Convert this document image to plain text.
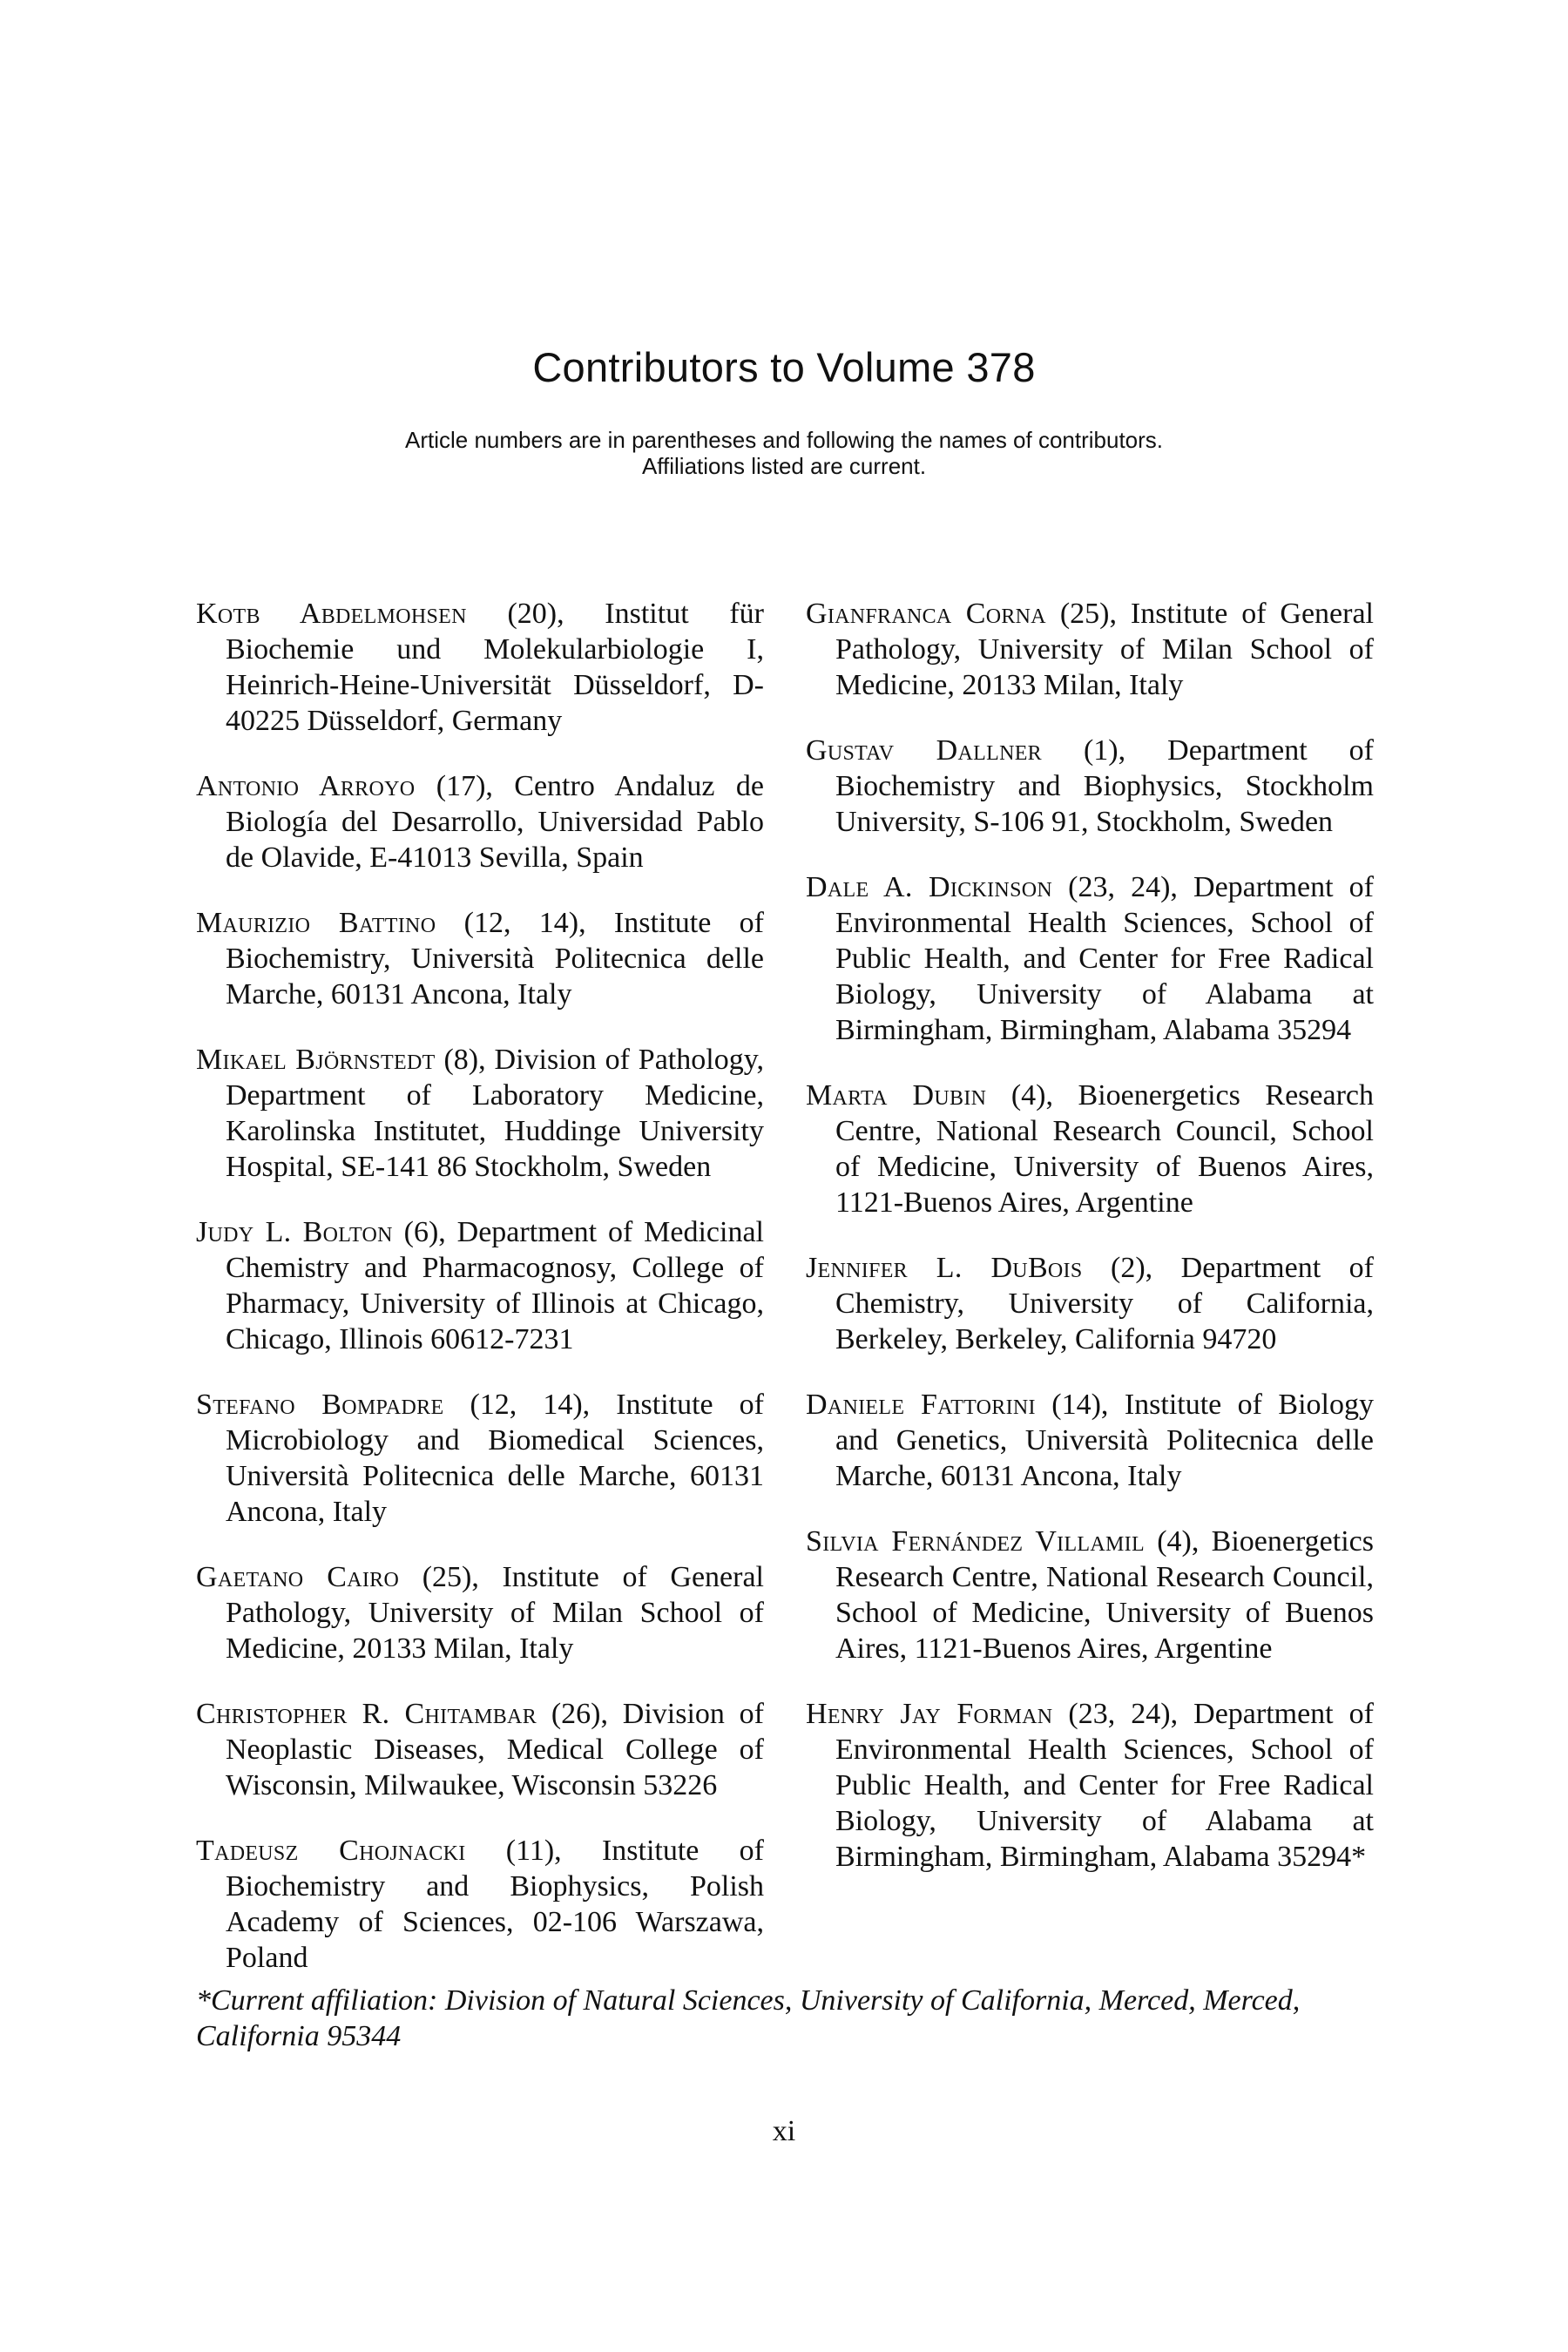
Contributors to Volume 378
Article numbers are in parentheses and following the names of contributors.
Affiliations listed are current.

Kotb Abdelmohsen (20), Institut für Biochemie und Molekularbiologie I, Heinrich-Heine-Universität Düsseldorf, D-40225 Düsseldorf, Germany

Antonio Arroyo (17), Centro Andaluz de Biología del Desarrollo, Universidad Pablo de Olavide, E-41013 Sevilla, Spain

Maurizio Battino (12, 14), Institute of Biochemistry, Università Politecnica delle Marche, 60131 Ancona, Italy

Mikael Björnstedt (8), Division of Pathology, Department of Laboratory Medicine, Karolinska Institutet, Huddinge University Hospital, SE-141 86 Stockholm, Sweden

Judy L. Bolton (6), Department of Medicinal Chemistry and Pharmacognosy, College of Pharmacy, University of Illinois at Chicago, Chicago, Illinois 60612-7231

Stefano Bompadre (12, 14), Institute of Microbiology and Biomedical Sciences, Università Politecnica delle Marche, 60131 Ancona, Italy

Gaetano Cairo (25), Institute of General Pathology, University of Milan School of Medicine, 20133 Milan, Italy

Christopher R. Chitambar (26), Division of Neoplastic Diseases, Medical College of Wisconsin, Milwaukee, Wisconsin 53226

Tadeusz Chojnacki (11), Institute of Biochemistry and Biophysics, Polish Academy of Sciences, 02-106 Warszawa, Poland

Gianfranca Corna (25), Institute of General Pathology, University of Milan School of Medicine, 20133 Milan, Italy

Gustav Dallner (1), Department of Biochemistry and Biophysics, Stockholm University, S-106 91, Stockholm, Sweden

Dale A. Dickinson (23, 24), Department of Environmental Health Sciences, School of Public Health, and Center for Free Radical Biology, University of Alabama at Birmingham, Birmingham, Alabama 35294

Marta Dubin (4), Bioenergetics Research Centre, National Research Council, School of Medicine, University of Buenos Aires, 1121-Buenos Aires, Argentine

Jennifer L. DuBois (2), Department of Chemistry, University of California, Berkeley, Berkeley, California 94720

Daniele Fattorini (14), Institute of Biology and Genetics, Università Politecnica delle Marche, 60131 Ancona, Italy

Silvia Fernández Villamil (4), Bioenergetics Research Centre, National Research Council, School of Medicine, University of Buenos Aires, 1121-Buenos Aires, Argentine

Henry Jay Forman (23, 24), Department of Environmental Health Sciences, School of Public Health, and Center for Free Radical Biology, University of Alabama at Birmingham, Birmingham, Alabama 35294*

*Current affiliation: Division of Natural Sciences, University of California, Merced, Merced, California 95344
xi
